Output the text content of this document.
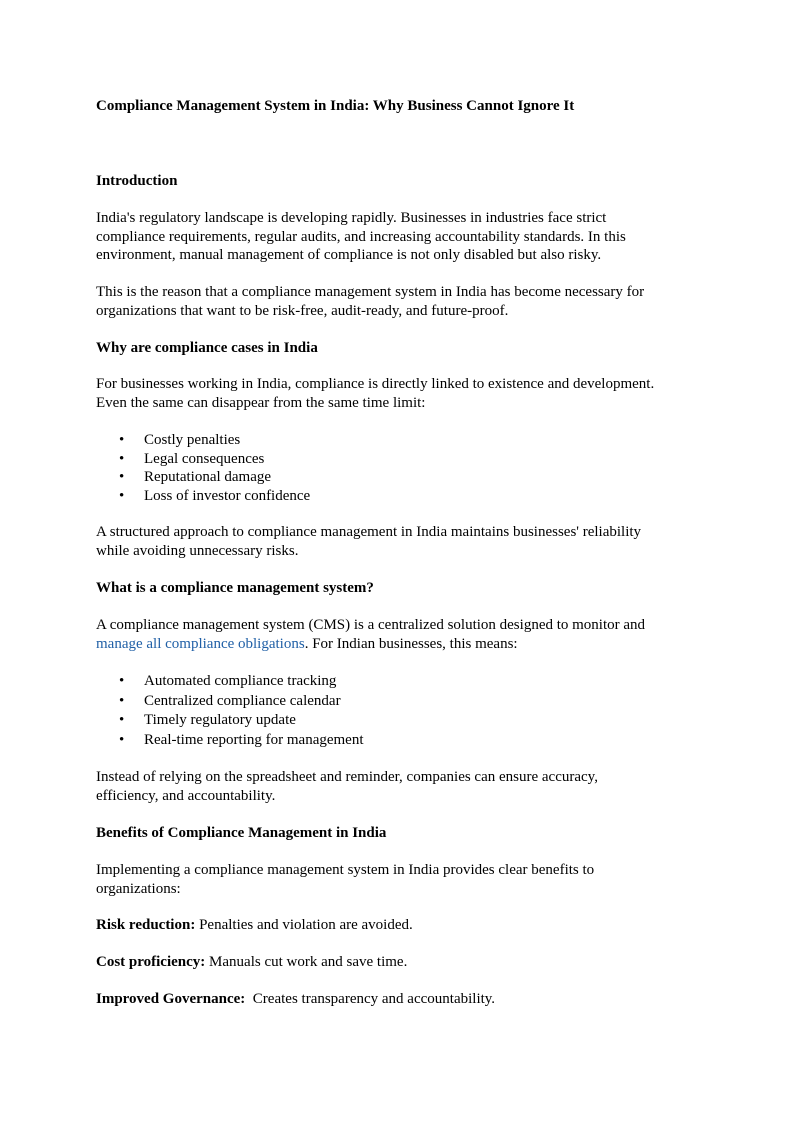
Compliance Management System in India: Why Business Cannot Ignore It

Introduction

India's regulatory landscape is developing rapidly. Businesses in industries face strict
compliance requirements, regular audits, and increasing accountability standards. In this
environment, manual management of compliance is not only disabled but also risky.

This is the reason that a compliance management system in India has become necessary for
organizations that want to be risk-free, audit-ready, and future-proof.

Why are compliance cases in India

For businesses working in India, compliance is directly linked to existence and development.
Even the same can disappear from the same time limit:

• Costly penalties
• Legal consequences
• Reputational damage
• Loss of investor confidence

A structured approach to compliance management in India maintains businesses' reliability
while avoiding unnecessary risks.

What is a compliance management system?

A compliance management system (CMS) is a centralized solution designed to monitor and
manage all compliance obligations. For Indian businesses, this means:

• Automated compliance tracking
• Centralized compliance calendar
• Timely regulatory update
• Real-time reporting for management

Instead of relying on the spreadsheet and reminder, companies can ensure accuracy,
efficiency, and accountability.

Benefits of Compliance Management in India

Implementing a compliance management system in India provides clear benefits to
organizations:

Risk reduction: Penalties and violation are avoided.

Cost proficiency: Manuals cut work and save time.

Improved Governance:  Creates transparency and accountability.
